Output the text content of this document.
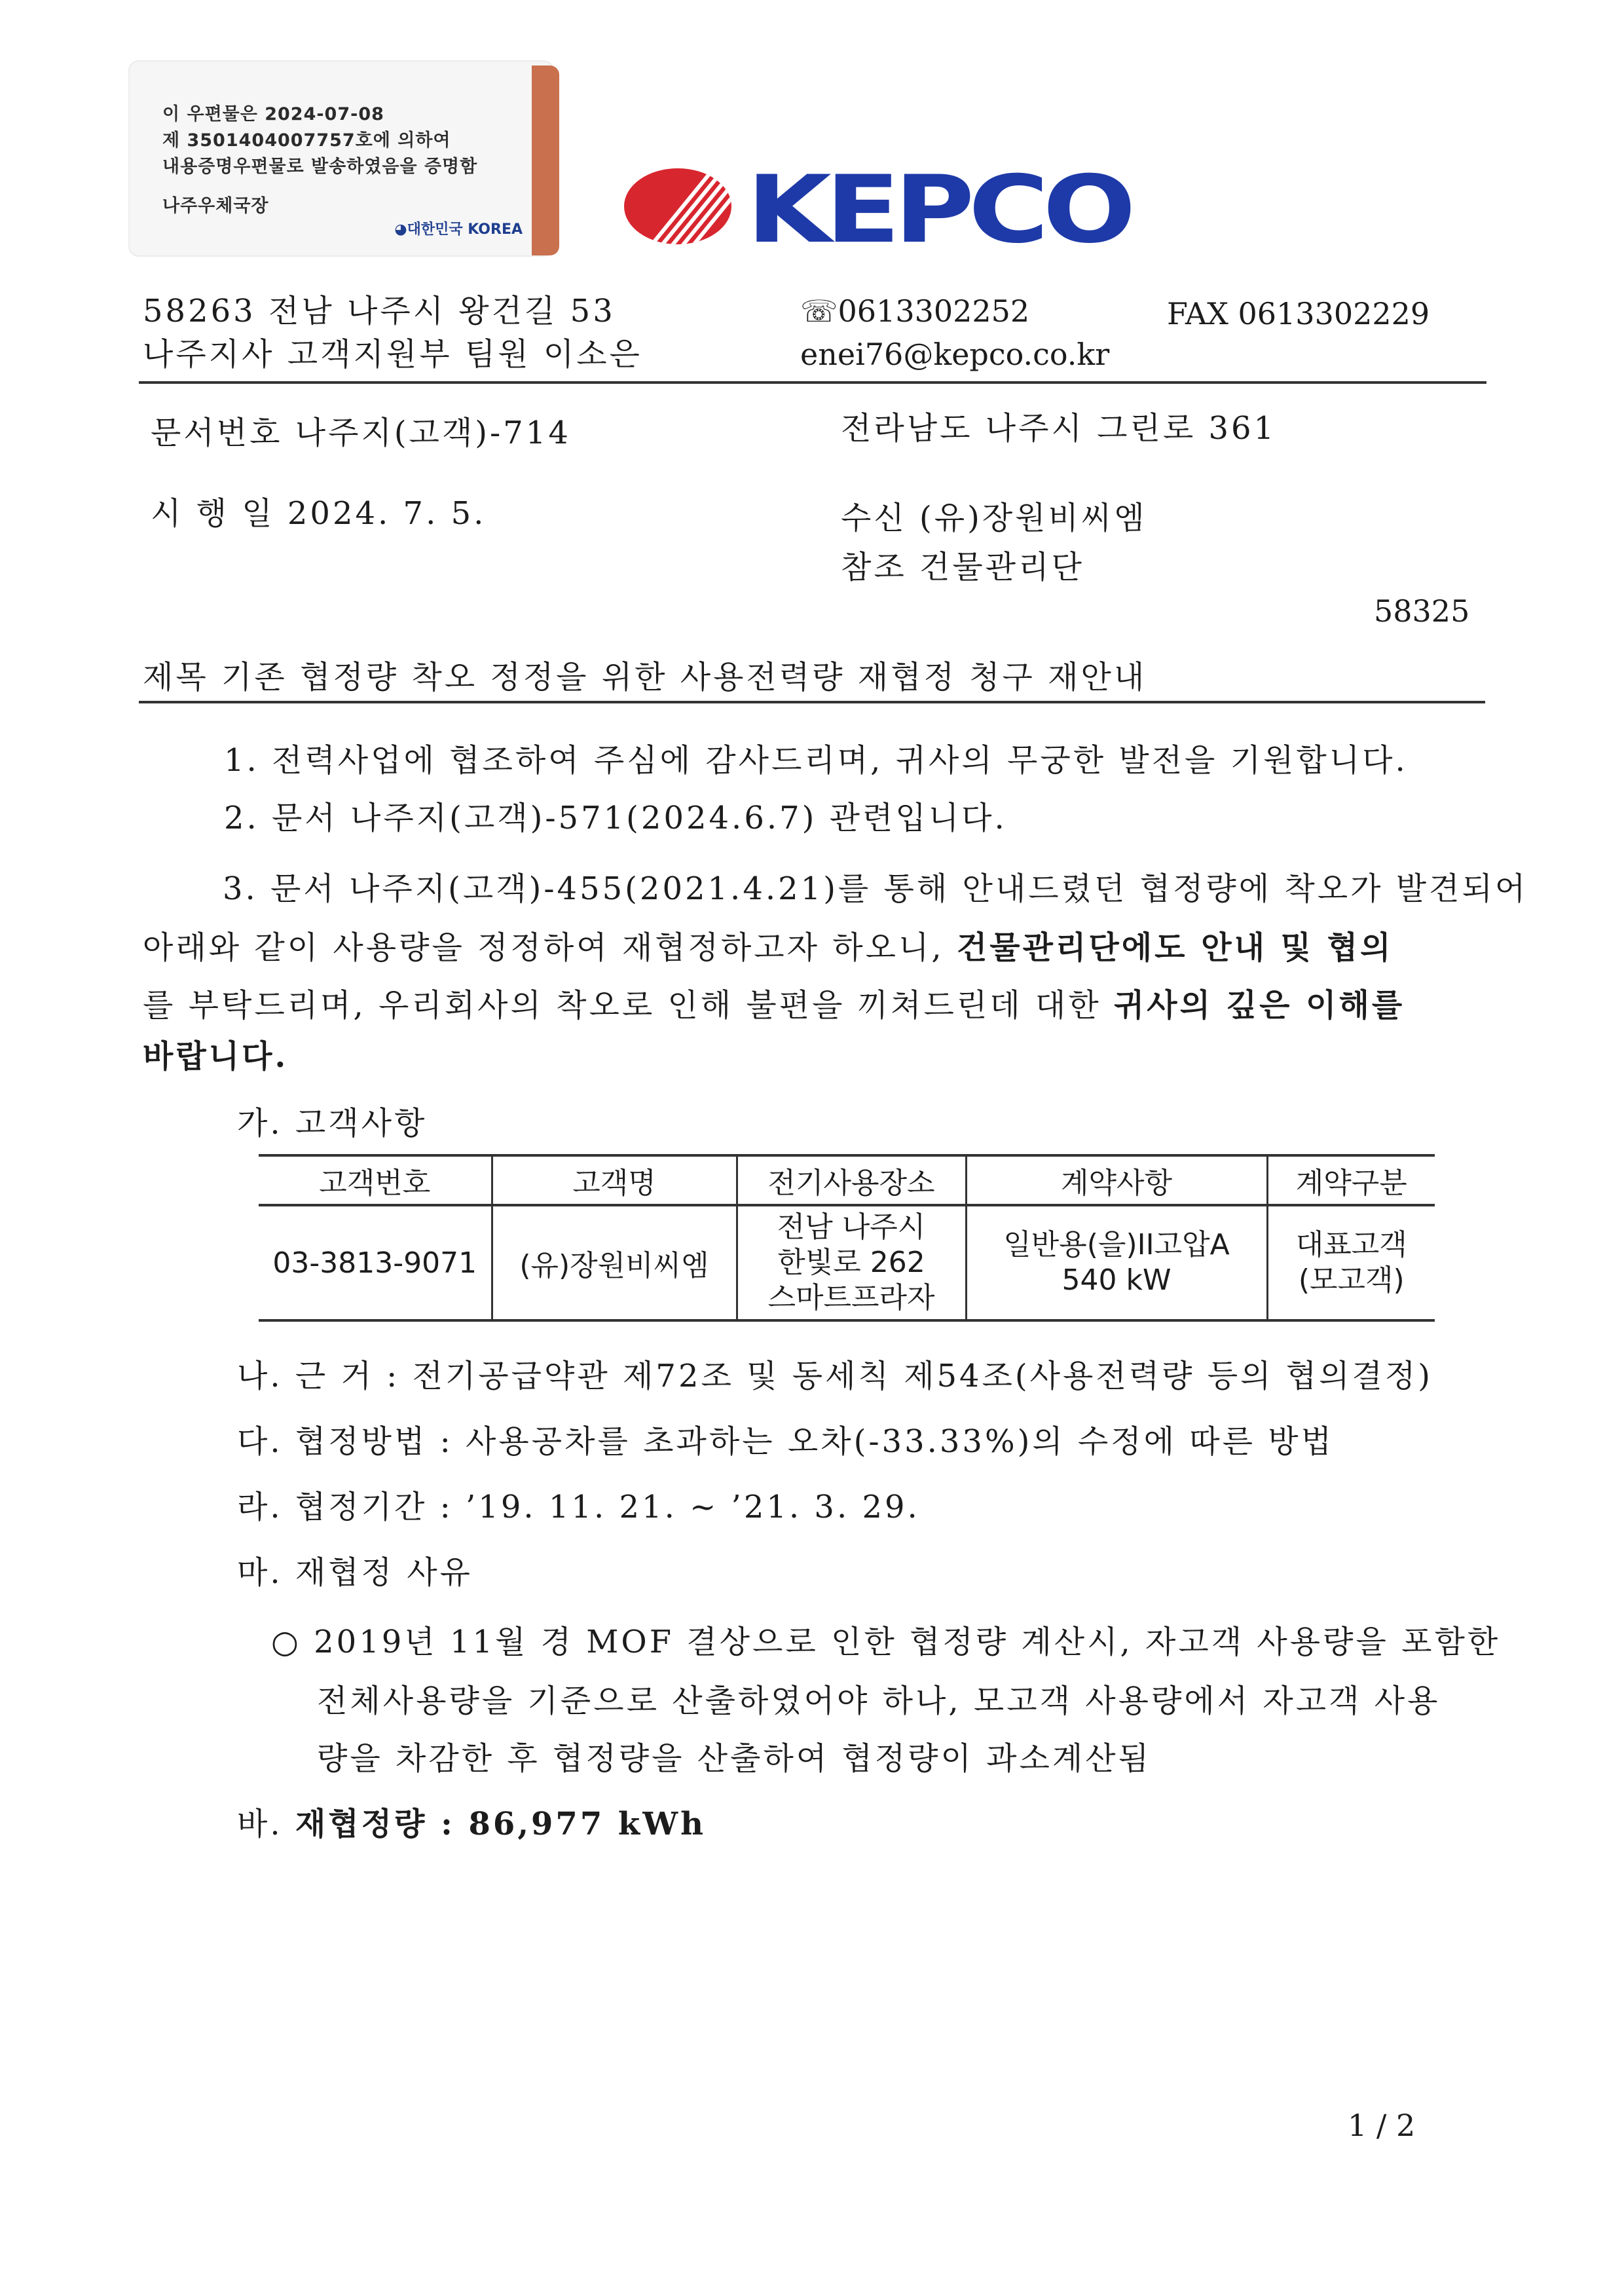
이 우편물은 2024-07-08
제 3501404007757호에 의하여
내용증명우편물로 발송하였음을 증명함
나주우체국장
◕대한민국 KOREA KEPCO
58263 전남 나주시 왕건길 53
나주지사 고객지원부 팀원 이소은
☏0613302252
enei76@kepco.co.kr
FAX 0613302229
문서번호 나주지(고객)-714
시 행 일 2024. 7. 5.
전라남도 나주시 그린로 361
수신 (유)장원비씨엠
참조 건물관리단
58325
제목 기존 협정량 착오 정정을 위한 사용전력량 재협정 청구 재안내
1. 전력사업에 협조하여 주심에 감사드리며, 귀사의 무궁한 발전을 기원합니다.
2. 문서 나주지(고객)-571(2024.6.7) 관련입니다.
3. 문서 나주지(고객)-455(2021.4.21)를 통해 안내드렸던 협정량에 착오가 발견되어
아래와 같이 사용량을 정정하여 재협정하고자 하오니, 건물관리단에도 안내 및 협의
를 부탁드리며, 우리회사의 착오로 인해 불편을 끼쳐드린데 대한 귀사의 깊은 이해를
바랍니다.
가. 고객사항
고객번호	고객명	전기사용장소	계약사항	계약구분
03-3813-9071	(유)장원비씨엠	전남 나주시
한빛로 262
스마트프라자	일반용(을)II고압A
540 kW	대표고객
(모고객)
나. 근 거 : 전기공급약관 제72조 및 동세칙 제54조(사용전력량 등의 협의결정)
다. 협정방법 : 사용공차를 초과하는 오차(-33.33%)의 수정에 따른 방법
라. 협정기간 : ’19. 11. 21. ~ ’21. 3. 29.
마. 재협정 사유
○ 2019년 11월 경 MOF 결상으로 인한 협정량 계산시, 자고객 사용량을 포함한
전체사용량을 기준으로 산출하였어야 하나, 모고객 사용량에서 자고객 사용
량을 차감한 후 협정량을 산출하여 협정량이 과소계산됨
바. 재협정량 : 86,977 kWh
1 / 2
